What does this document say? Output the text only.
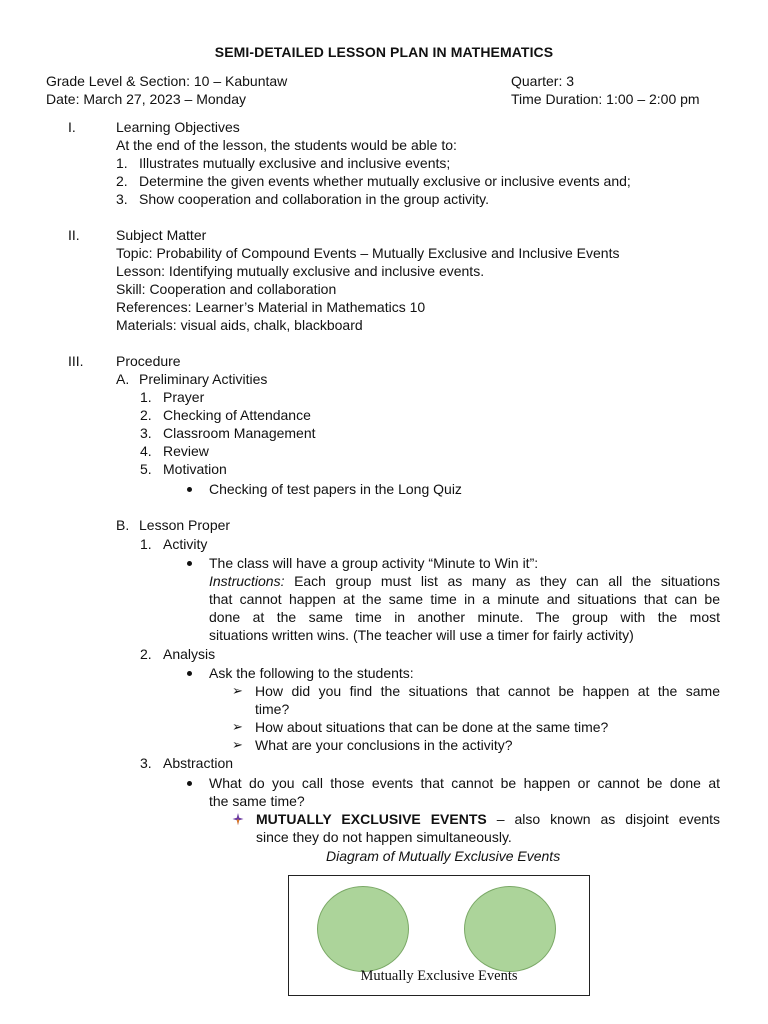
SEMI-DETAILED LESSON PLAN IN MATHEMATICS
Grade Level & Section: 10 – Kabuntaw
Date: March 27, 2023 – Monday
Quarter: 3
Time Duration: 1:00 – 2:00 pm
I.	Learning Objectives
At the end of the lesson, the students would be able to:
1. Illustrates mutually exclusive and inclusive events;
2. Determine the given events whether mutually exclusive or inclusive events and;
3. Show cooperation and collaboration in the group activity.
II.	Subject Matter
Topic: Probability of Compound Events – Mutually Exclusive and Inclusive Events
Lesson: Identifying mutually exclusive and inclusive events.
Skill: Cooperation and collaboration
References: Learner’s Material in Mathematics 10
Materials: visual aids, chalk, blackboard
III. Procedure
A. Preliminary Activities
1. Prayer
2. Checking of Attendance
3. Classroom Management
4. Review
5. Motivation
Checking of test papers in the Long Quiz
B. Lesson Proper
1. Activity
The class will have a group activity “Minute to Win it”:
Instructions: Each group must list as many as they can all the situations
that cannot happen at the same time in a minute and situations that can be
done at the same time in another minute. The group with the most
situations written wins. (The teacher will use a timer for fairly activity)
2. Analysis
Ask the following to the students:
➢ How did you find the situations that cannot be happen at the same
time?
➢ How about situations that can be done at the same time?
➢ What are your conclusions in the activity?
3. Abstraction
What do you call those events that cannot be happen or cannot be done at
the same time?
MUTUALLY EXCLUSIVE EVENTS – also known as disjoint events
since they do not happen simultaneously.
Diagram of Mutually Exclusive Events
Mutually Exclusive Events
